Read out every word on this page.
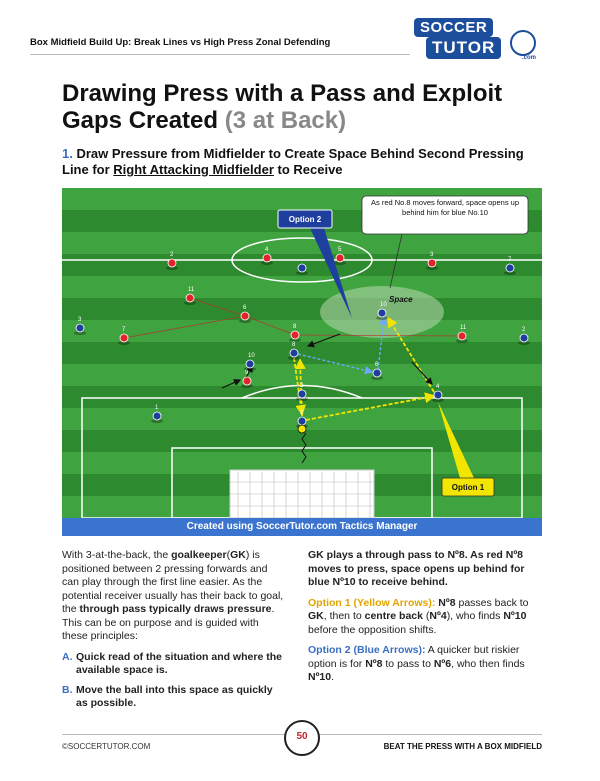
Box Midfield Build Up: Break Lines vs High Press Zonal Defending
SOCCER
TUTOR
.com
Drawing Press with a Pass and Exploit Gaps Created (3 at Back)
1. Draw Pressure from Midfielder to Create Space Behind Second Pressing Line for Right Attacking Midfielder to Receive
Space
2
4	5
3
11
6
7	8	11
9
7
3
10
2
10
8
6
2	4
1
2
Option 2
As red No.8 moves forward, space opens up behind him for blue No.10
Option 1
Created using SoccerTutor.com Tactics Manager

With 3-at-the-back, the goalkeeper(GK) is positioned between 2 pressing forwards and can play through the first line easier. As the potential receiver usually has their back to goal, the through pass typically draws pressure. This can be on purpose and is guided with these principles:

A. Quick read of the situation and where the available space is.
B. Move the ball into this space as quickly as possible.

GK plays a through pass to Nº8. As red Nº8 moves to press, space opens up behind for blue Nº10 to receive behind.

Option 1 (Yellow Arrows): Nº8 passes back to GK, then to centre back (Nº4), who finds Nº10 before the opposition shifts.

Option 2 (Blue Arrows): A quicker but riskier option is for Nº8 to pass to Nº6, who then finds Nº10.

©SOCCERTUTOR.COM
50
BEAT THE PRESS WITH A BOX MIDFIELD
